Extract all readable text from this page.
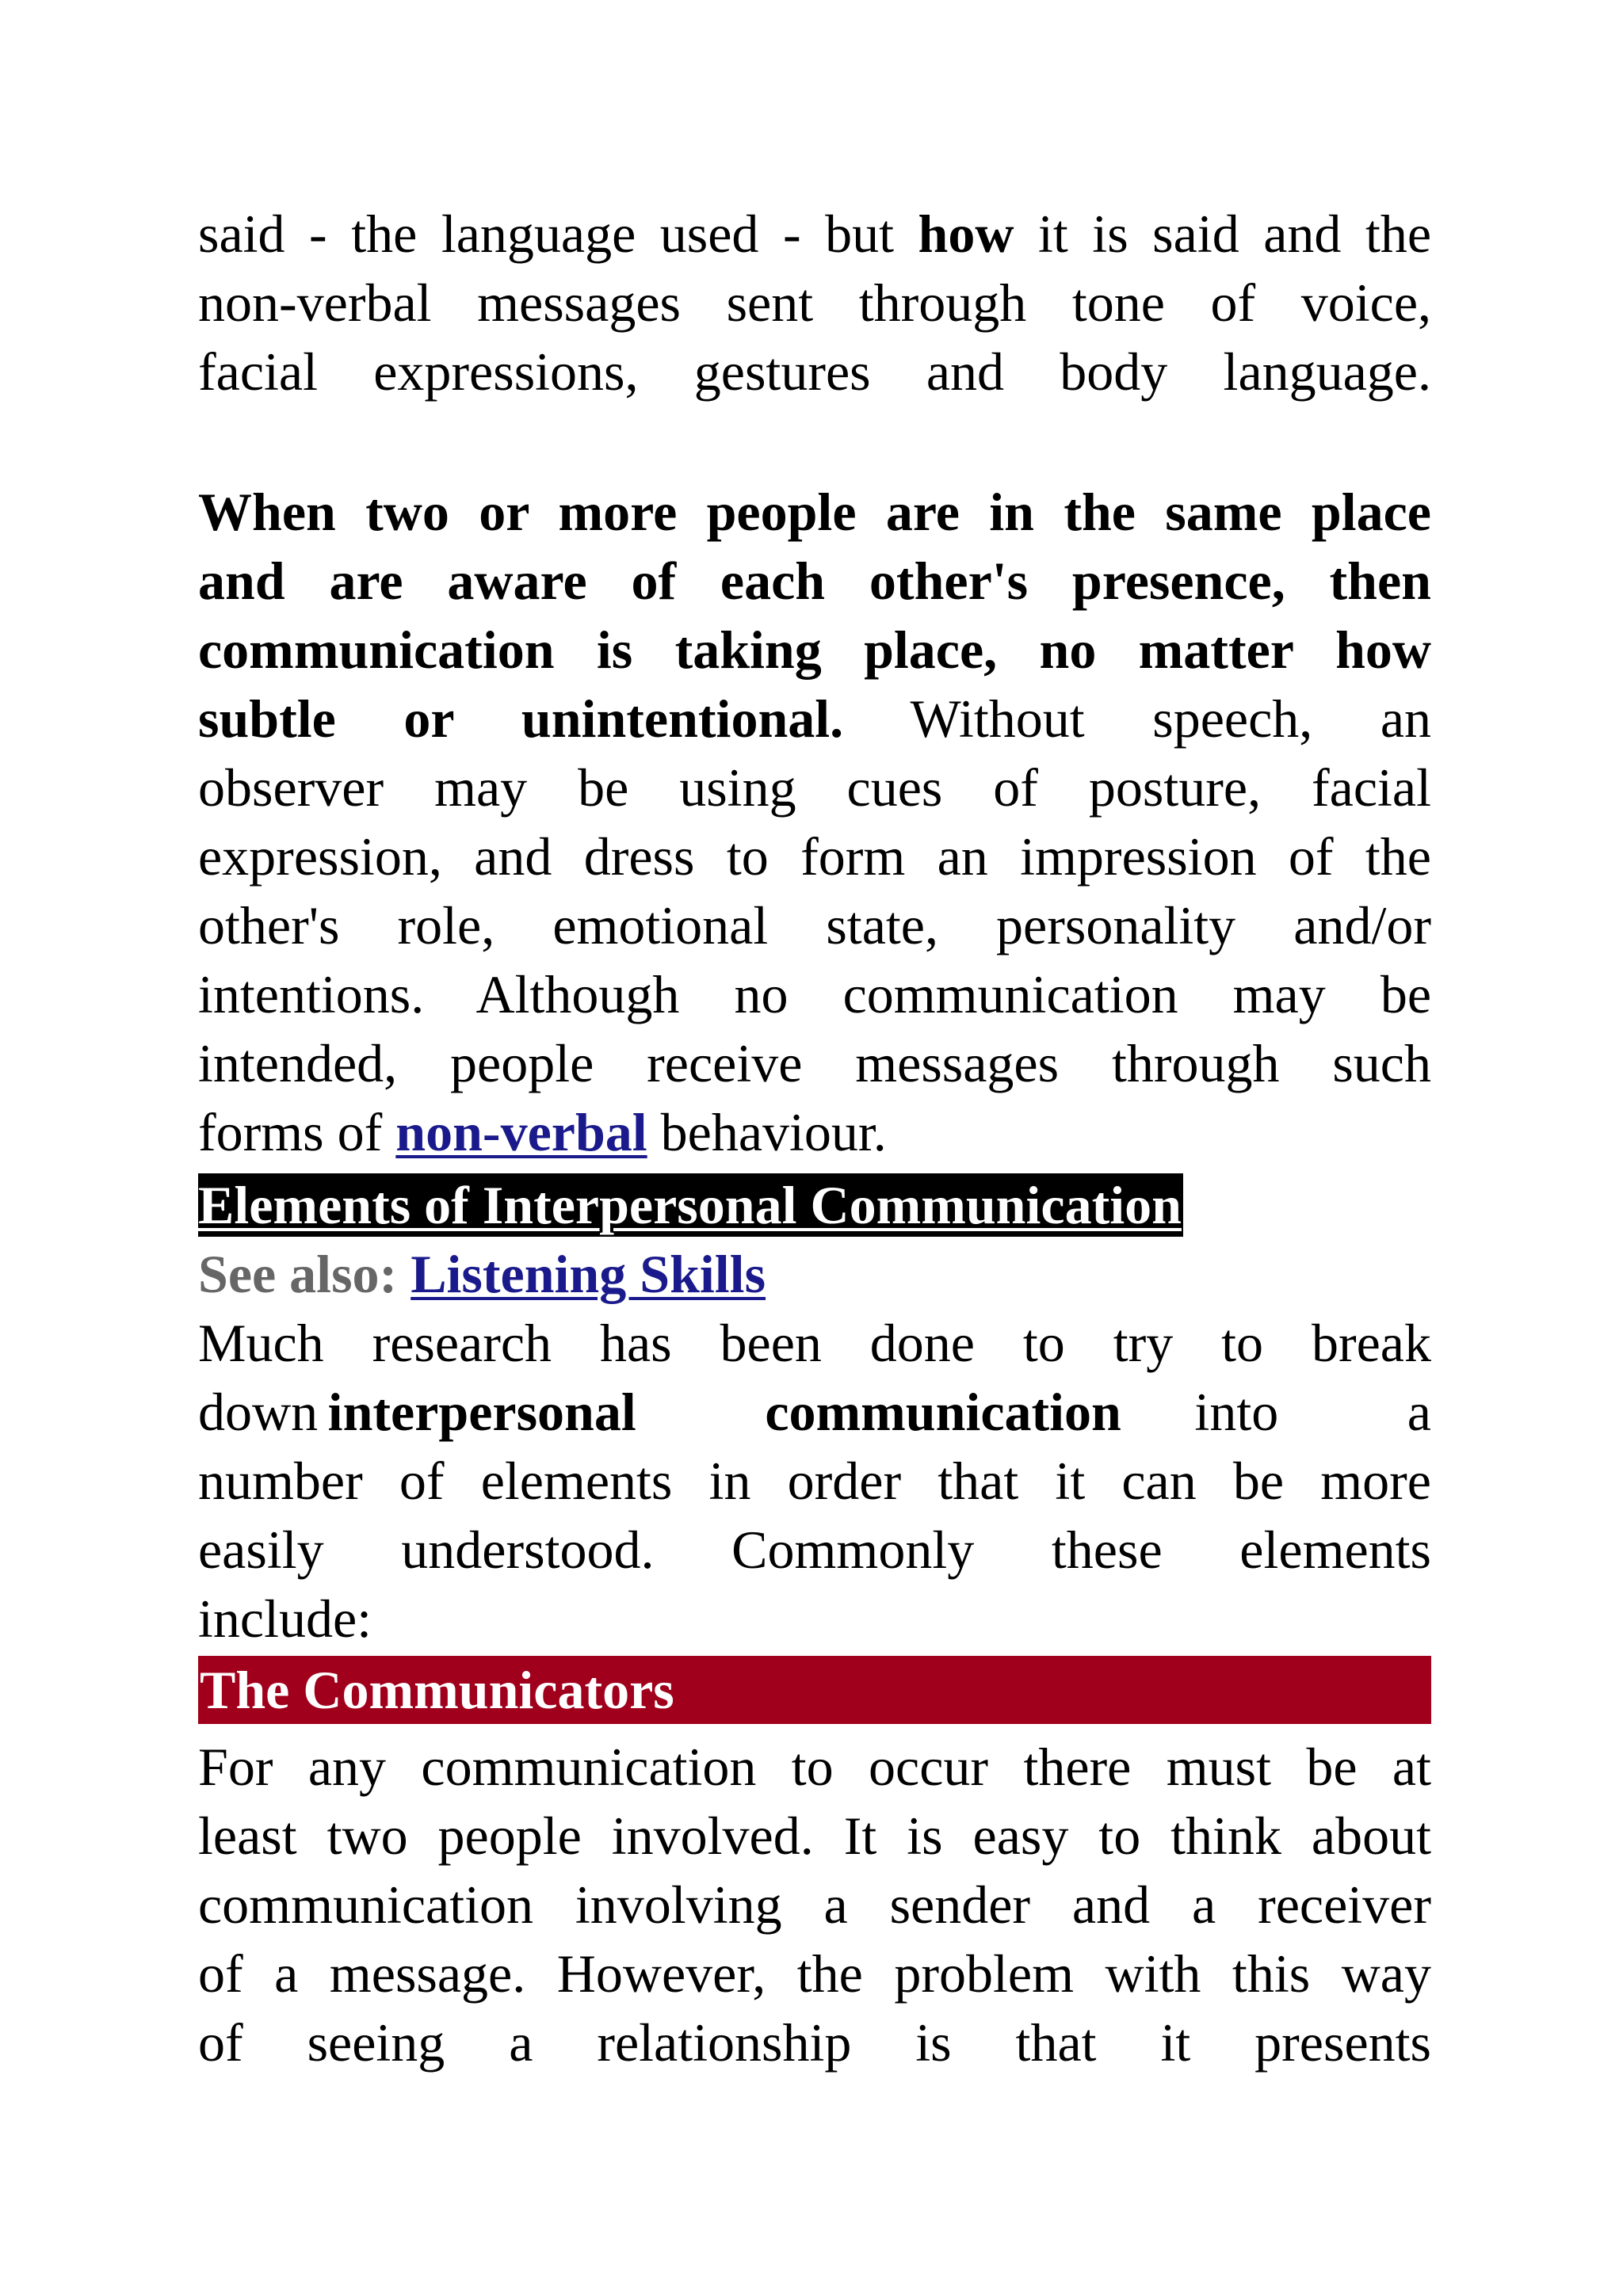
said - the language used - but how it is said and the
non-verbal messages sent through tone of voice,
facial expressions, gestures and body language.
When two or more people are in the same place
and are aware of each other's presence, then
communication is taking place, no matter how
subtle or unintentional. Without speech, an
observer may be using cues of posture, facial
expression, and dress to form an impression of the
other's role, emotional state, personality and/or
intentions. Although no communication may be
intended, people receive messages through such
forms of non-verbal behaviour.
Elements of Interpersonal Communication
See also: Listening Skills
Much research has been done to try to break
down interpersonal communication into a
number of elements in order that it can be more
easily understood. Commonly these elements
include:
The Communicators
For any communication to occur there must be at
least two people involved. It is easy to think about
communication involving a sender and a receiver
of a message. However, the problem with this way
of seeing a relationship is that it presents
